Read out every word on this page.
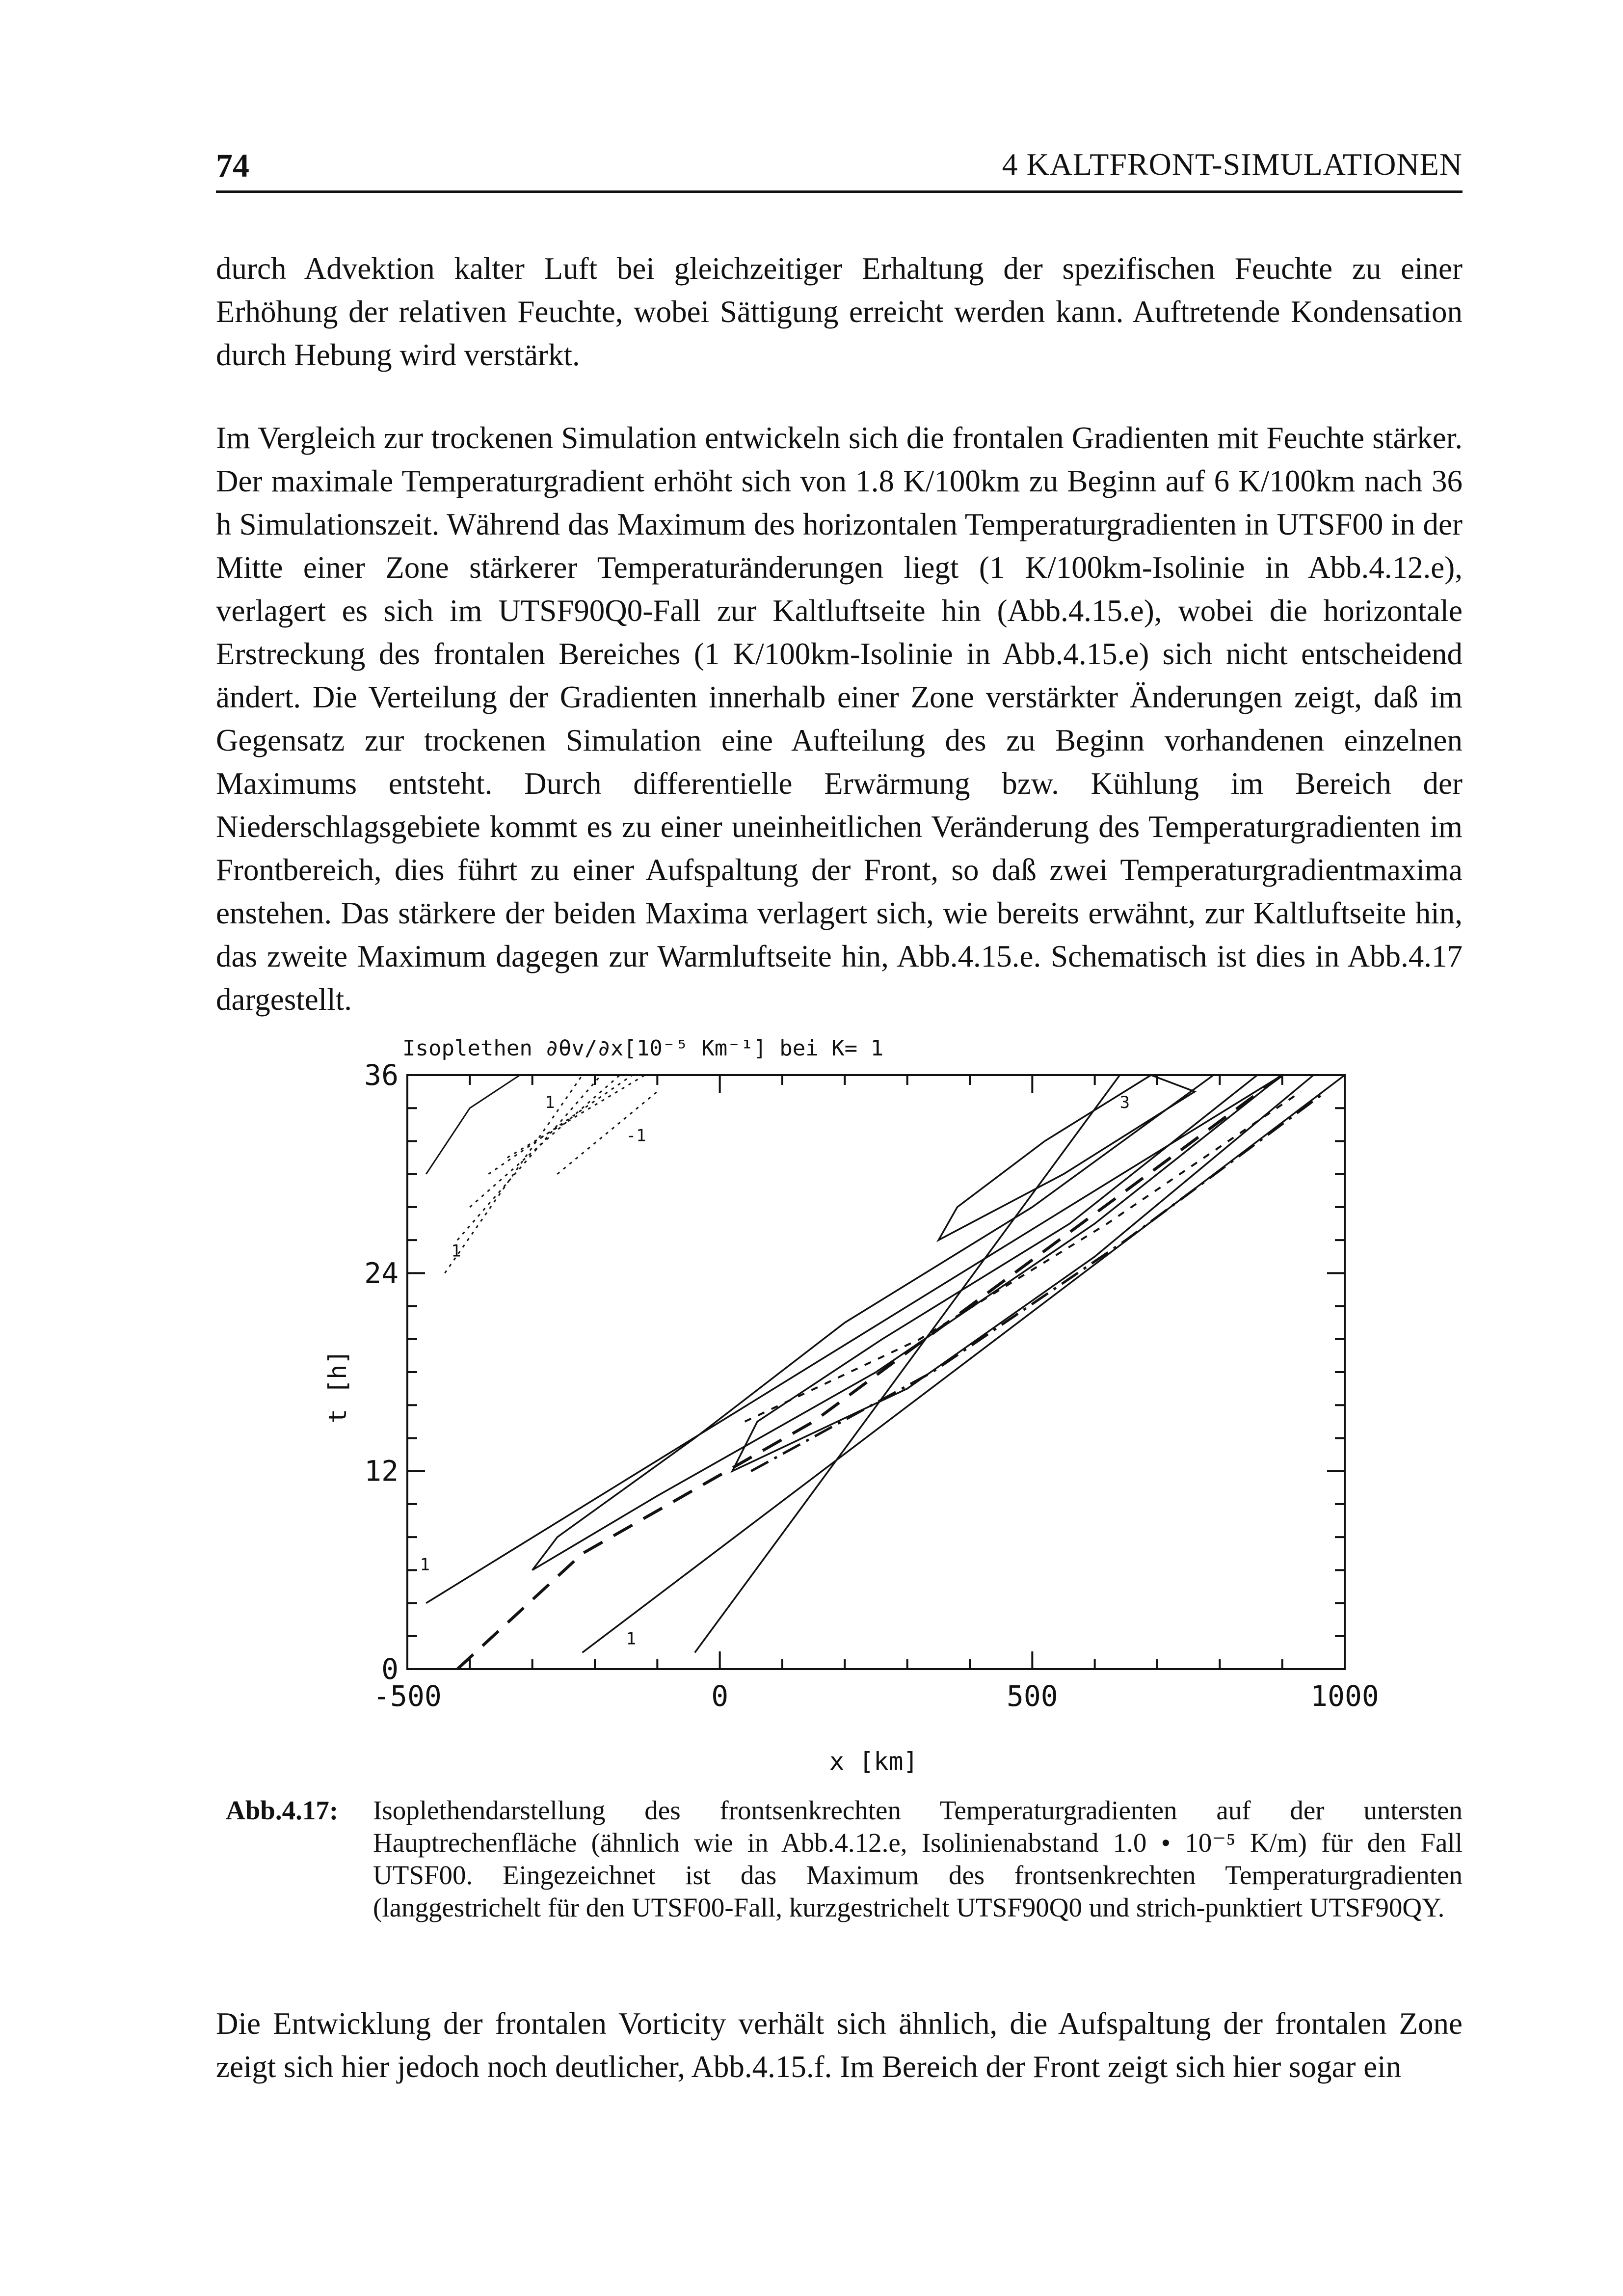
74	4 KALTFRONT-SIMULATIONEN

durch Advektion kalter Luft bei gleichzeitiger Erhaltung der spezifischen Feuchte zu einer Erhöhung der relativen Feuchte, wobei Sättigung erreicht werden kann. Auftretende Kondensation durch Hebung wird verstärkt.

Im Vergleich zur trockenen Simulation entwickeln sich die frontalen Gradienten mit Feuchte stärker. Der maximale Temperaturgradient erhöht sich von 1.8 K/100km zu Beginn auf 6 K/100km nach 36 h Simulationszeit. Während das Maximum des horizontalen Temperaturgradienten in UTSF00 in der Mitte einer Zone stärkerer Temperaturänderungen liegt (1 K/100km-Isolinie in Abb.4.12.e), verlagert es sich im UTSF90Q0-Fall zur Kaltluftseite hin (Abb.4.15.e), wobei die horizontale Erstreckung des frontalen Bereiches (1 K/100km-Isolinie in Abb.4.15.e) sich nicht entscheidend ändert. Die Verteilung der Gradienten innerhalb einer Zone verstärkter Änderungen zeigt, daß im Gegensatz zur trockenen Simulation eine Aufteilung des zu Beginn vorhandenen einzelnen Maximums entsteht. Durch differentielle Erwärmung bzw. Kühlung im Bereich der Niederschlagsgebiete kommt es zu einer uneinheitlichen Veränderung des Temperaturgradienten im Frontbereich, dies führt zu einer Aufspaltung der Front, so daß zwei Temperaturgradientmaxima enstehen. Das stärkere der beiden Maxima verlagert sich, wie bereits erwähnt, zur Kaltluftseite hin, das zweite Maximum dagegen zur Warmluftseite hin, Abb.4.15.e. Schematisch ist dies in Abb.4.17 dargestellt.

Isoplethen ∂θv/∂x[10⁻⁵ Km⁻¹] bei K= 1
-500	0	500	1000
0
12
24
36
1
1
1
1	3
-1
x [km]
t [h]
Abb.4.17: Isoplethendarstellung des frontsenkrechten Temperaturgradienten auf der untersten Hauptrechenfläche (ähnlich wie in Abb.4.12.e, Isolinienabstand 1.0 • 10⁻⁵ K/m) für den Fall UTSF00. Eingezeichnet ist das Maximum des frontsenkrechten Temperaturgradienten (langgestrichelt für den UTSF00-Fall, kurzgestrichelt UTSF90Q0 und strich-punktiert UTSF90QY.

Die Entwicklung der frontalen Vorticity verhält sich ähnlich, die Aufspaltung der frontalen Zone zeigt sich hier jedoch noch deutlicher, Abb.4.15.f. Im Bereich der Front zeigt sich hier sogar ein
